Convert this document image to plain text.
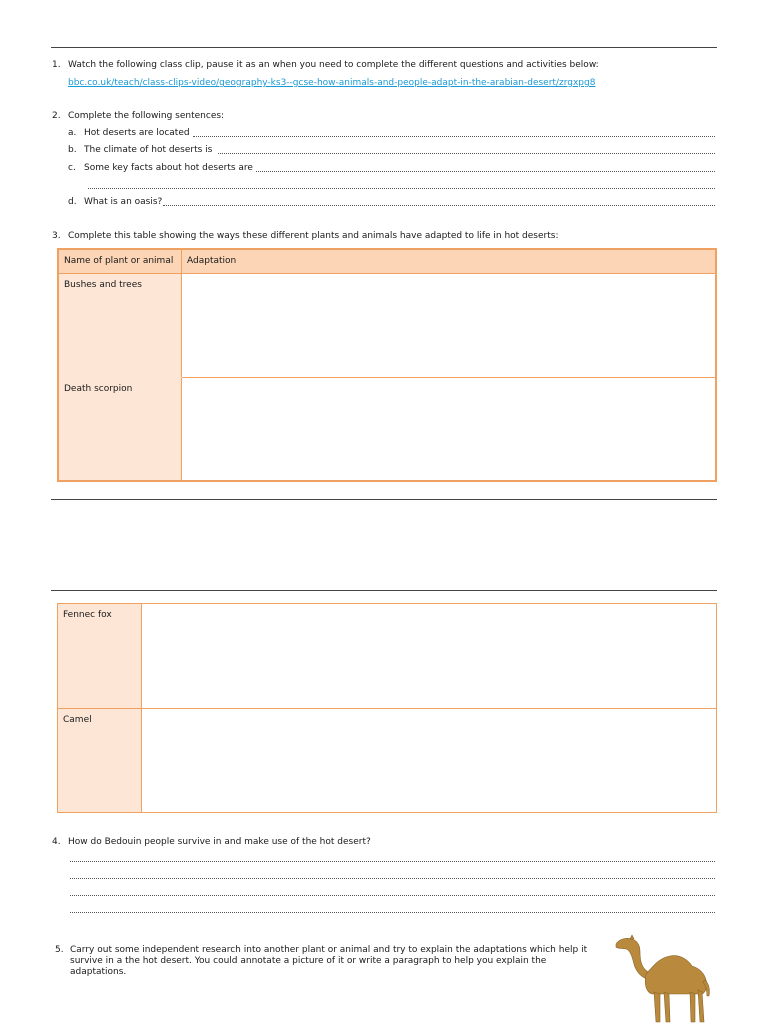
1. Watch the following class clip, pause it as an when you need to complete the different questions and activities below:
bbc.co.uk/teach/class-clips-video/geography-ks3--gcse-how-animals-and-people-adapt-in-the-arabian-desert/zrgxpg8
2. Complete the following sentences:
a. Hot deserts are located
b. The climate of hot deserts is
c. Some key facts about hot deserts are
d. What is an oasis?
3. Complete this table showing the ways these different plants and animals have adapted to life in hot deserts:
Name of plant or animal	Adaptation
Bushes and trees	
Death scorpion	
Fennec fox	
Camel	
4. How do Bedouin people survive in and make use of the hot desert?
5. Carry out some independent research into another plant or animal and try to explain the adaptations which help it survive in a the hot desert. You could annotate a picture of it or write a paragraph to help you explain the adaptations.
